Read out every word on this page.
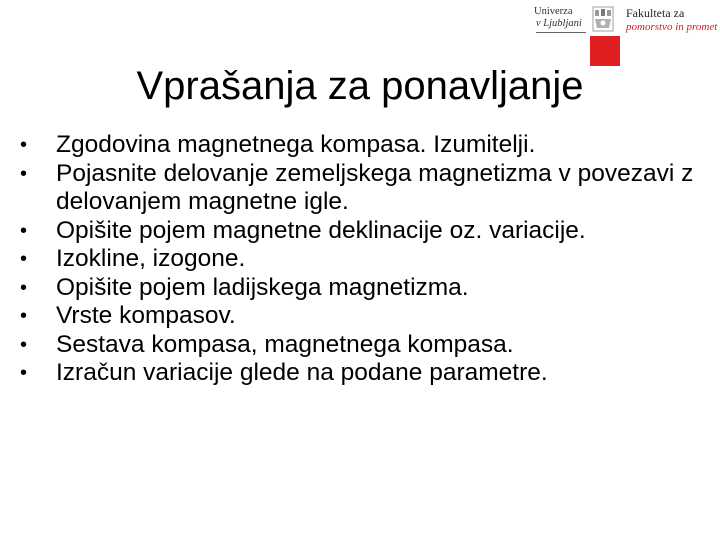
Univerza
v Ljubljani
Fakulteta za
pomorstvo in promet
Vprašanja za ponavljanje
•	Zgodovina magnetnega kompasa. Izumitelji.
•	Pojasnite delovanje zemeljskega magnetizma v povezavi z delovanjem magnetne igle.
•	Opišite pojem magnetne deklinacije oz. variacije.
•	Izokline, izogone.
•	Opišite pojem ladijskega magnetizma.
•	Vrste kompasov.
•	Sestava kompasa, magnetnega kompasa.
•	Izračun variacije glede na podane parametre.
